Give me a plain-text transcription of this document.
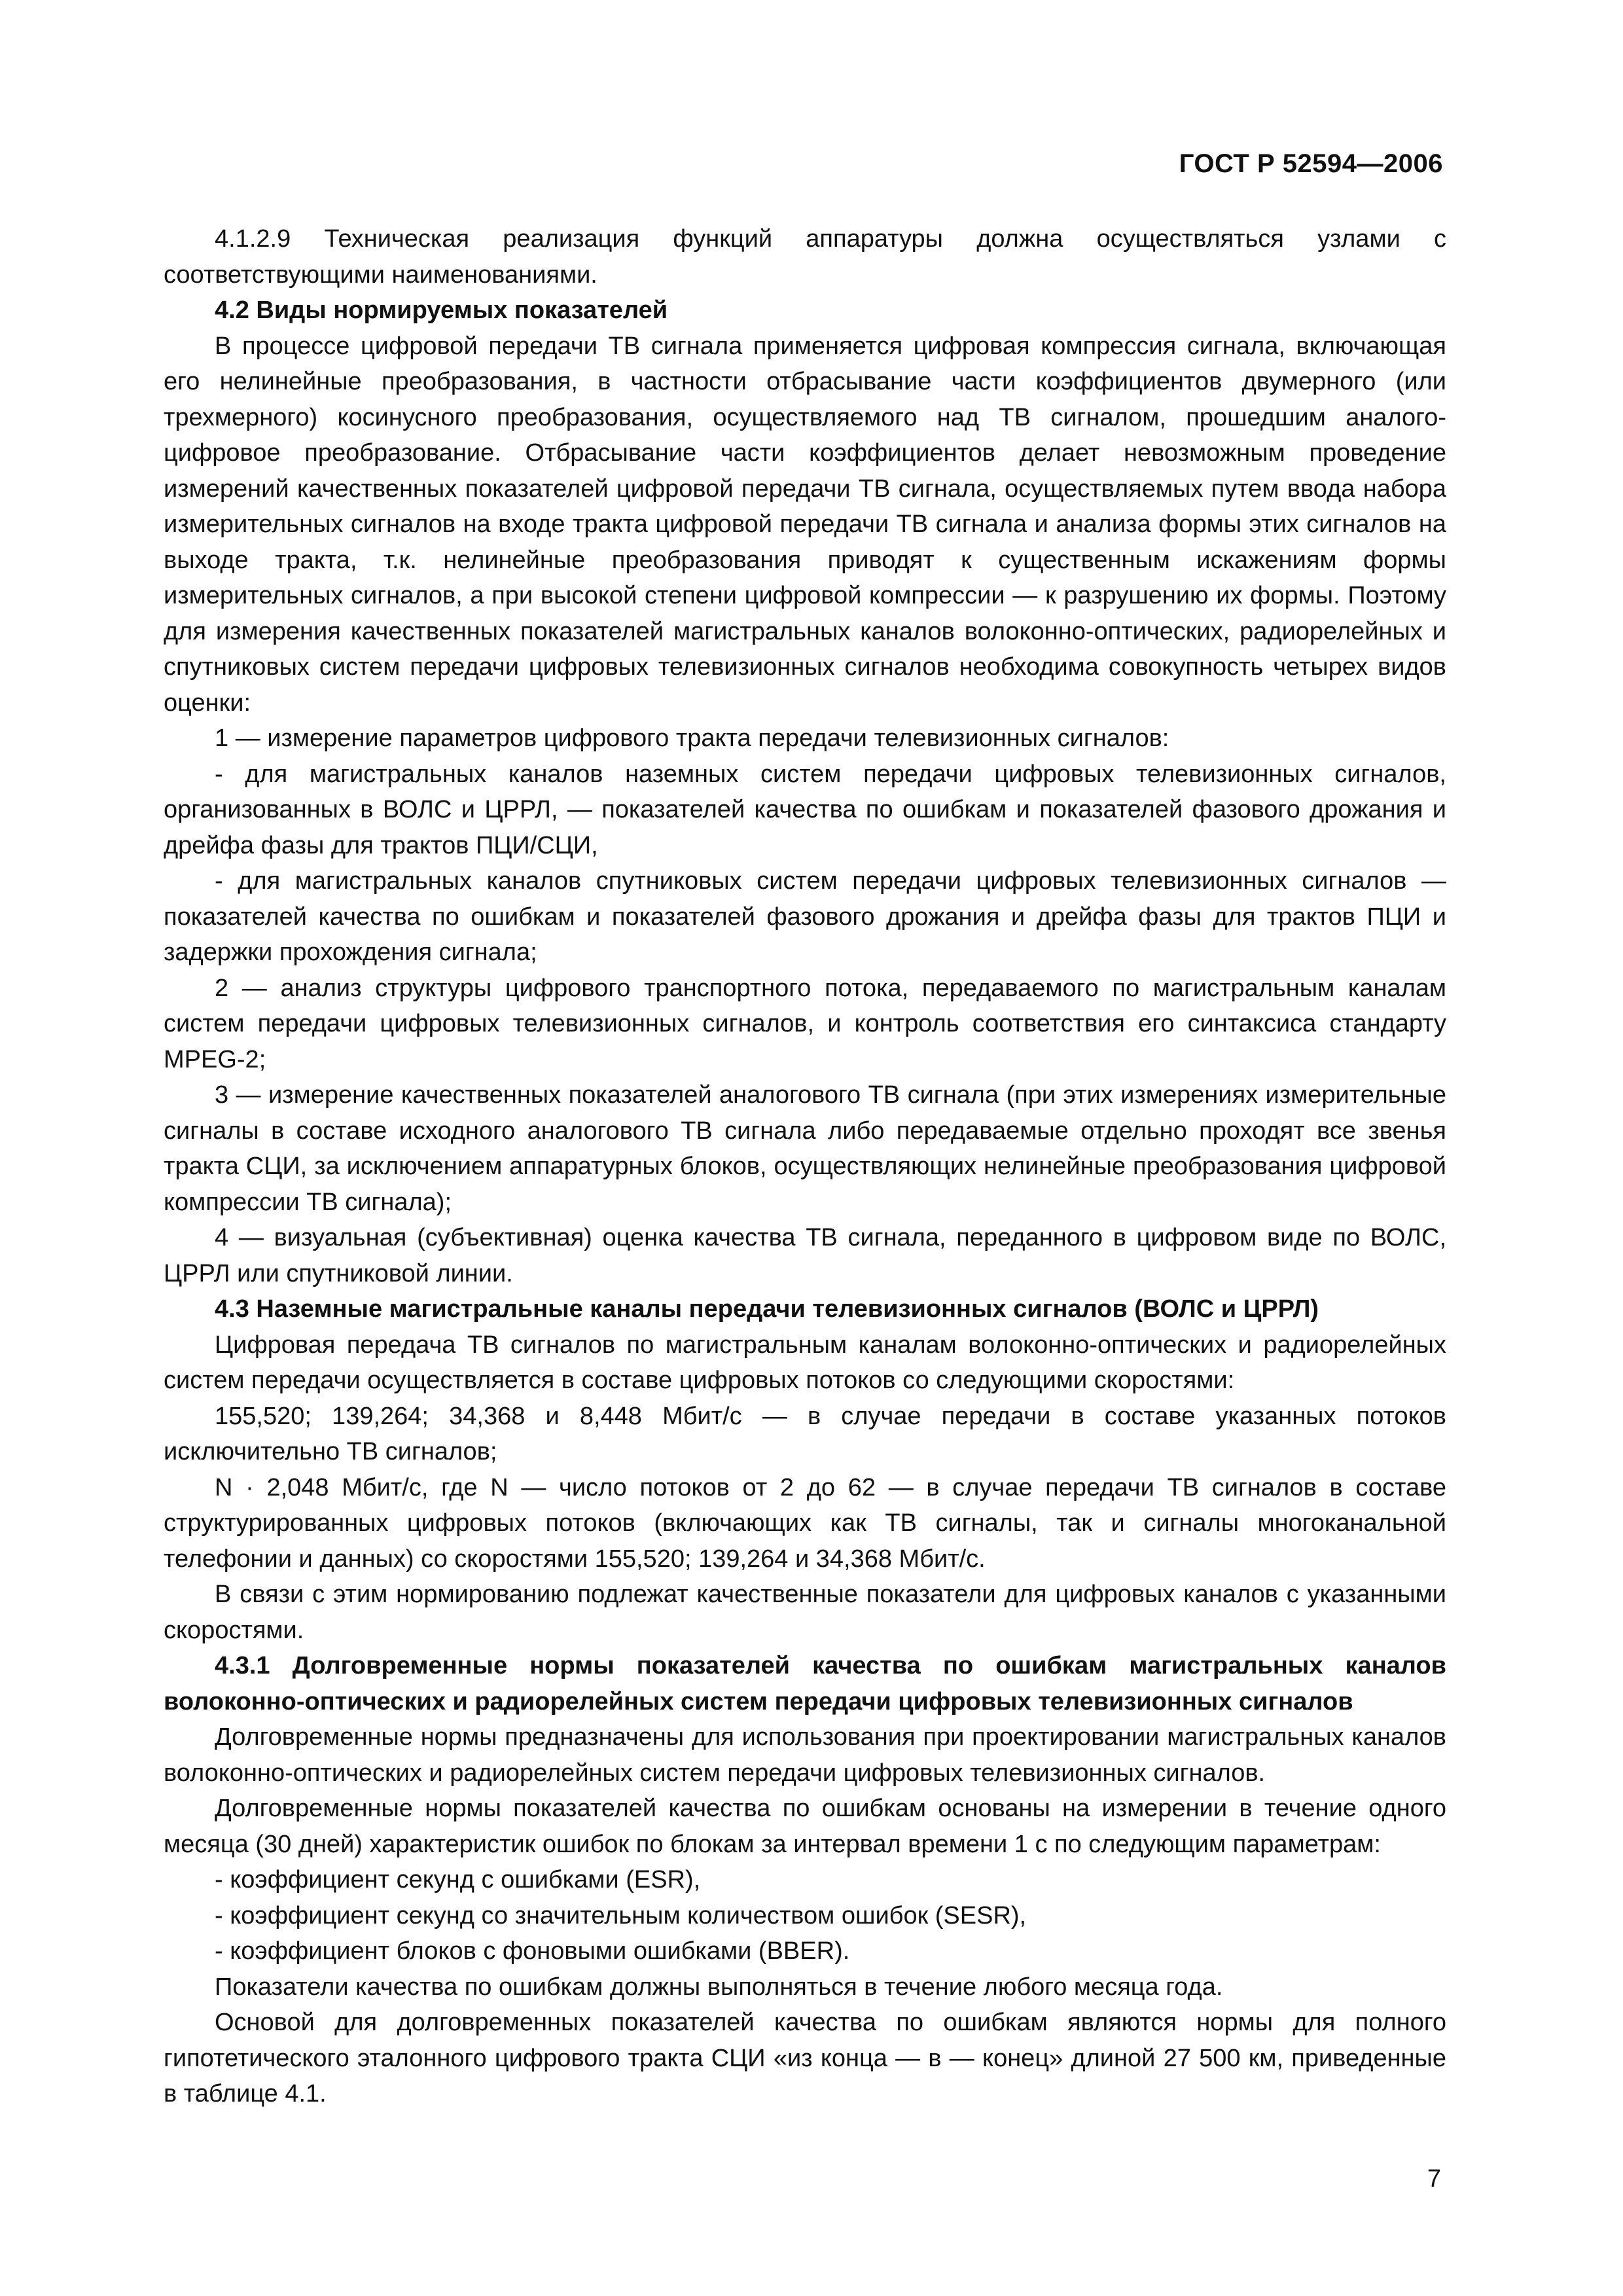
ГОСТ Р 52594—2006

4.1.2.9 Техническая реализация функций аппаратуры должна осуществляться узлами с соответствующими наименованиями.

4.2 Виды нормируемых показателей

В процессе цифровой передачи ТВ сигнала применяется цифровая компрессия сигнала, включающая его нелинейные преобразования, в частности отбрасывание части коэффициентов двумерного (или трехмерного) косинусного преобразования, осуществляемого над ТВ сигналом, прошедшим аналого-цифровое преобразование. Отбрасывание части коэффициентов делает невозможным проведение измерений качественных показателей цифровой передачи ТВ сигнала, осуществляемых путем ввода набора измерительных сигналов на входе тракта цифровой передачи ТВ сигнала и анализа формы этих сигналов на выходе тракта, т.к. нелинейные преобразования приводят к существенным искажениям формы измерительных сигналов, а при высокой степени цифровой компрессии — к разрушению их формы. Поэтому для измерения качественных показателей магистральных каналов волоконно-оптических, радиорелейных и спутниковых систем передачи цифровых телевизионных сигналов необходима совокупность четырех видов оценки:

1 — измерение параметров цифрового тракта передачи телевизионных сигналов:

- для магистральных каналов наземных систем передачи цифровых телевизионных сигналов, организованных в ВОЛС и ЦРРЛ, — показателей качества по ошибкам и показателей фазового дрожания и дрейфа фазы для трактов ПЦИ/СЦИ,

- для магистральных каналов спутниковых систем передачи цифровых телевизионных сигналов — показателей качества по ошибкам и показателей фазового дрожания и дрейфа фазы для трактов ПЦИ и задержки прохождения сигнала;

2 — анализ структуры цифрового транспортного потока, передаваемого по магистральным каналам систем передачи цифровых телевизионных сигналов, и контроль соответствия его синтаксиса стандарту MPEG-2;

3 — измерение качественных показателей аналогового ТВ сигнала (при этих измерениях измерительные сигналы в составе исходного аналогового ТВ сигнала либо передаваемые отдельно проходят все звенья тракта СЦИ, за исключением аппаратурных блоков, осуществляющих нелинейные преобразования цифровой компрессии ТВ сигнала);

4 — визуальная (субъективная) оценка качества ТВ сигнала, переданного в цифровом виде по ВОЛС, ЦРРЛ или спутниковой линии.

4.3 Наземные магистральные каналы передачи телевизионных сигналов (ВОЛС и ЦРРЛ)

Цифровая передача ТВ сигналов по магистральным каналам волоконно-оптических и радиорелейных систем передачи осуществляется в составе цифровых потоков со следующими скоростями:

155,520; 139,264; 34,368 и 8,448 Мбит/с — в случае передачи в составе указанных потоков исключительно ТВ сигналов;

N · 2,048 Мбит/с, где N — число потоков от 2 до 62 — в случае передачи ТВ сигналов в составе структурированных цифровых потоков (включающих как ТВ сигналы, так и сигналы многоканальной телефонии и данных) со скоростями 155,520; 139,264 и 34,368 Мбит/с.

В связи с этим нормированию подлежат качественные показатели для цифровых каналов с указанными скоростями.

4.3.1 Долговременные нормы показателей качества по ошибкам магистральных каналов волоконно-оптических и радиорелейных систем передачи цифровых телевизионных сигналов

Долговременные нормы предназначены для использования при проектировании магистральных каналов волоконно-оптических и радиорелейных систем передачи цифровых телевизионных сигналов.

Долговременные нормы показателей качества по ошибкам основаны на измерении в течение одного месяца (30 дней) характеристик ошибок по блокам за интервал времени 1 с по следующим параметрам:

- коэффициент секунд с ошибками (ESR),

- коэффициент секунд со значительным количеством ошибок (SESR),

- коэффициент блоков с фоновыми ошибками (BBER).

Показатели качества по ошибкам должны выполняться в течение любого месяца года.

Основой для долговременных показателей качества по ошибкам являются нормы для полного гипотетического эталонного цифрового тракта СЦИ «из конца — в — конец» длиной 27 500 км, приведенные в таблице 4.1.

7
